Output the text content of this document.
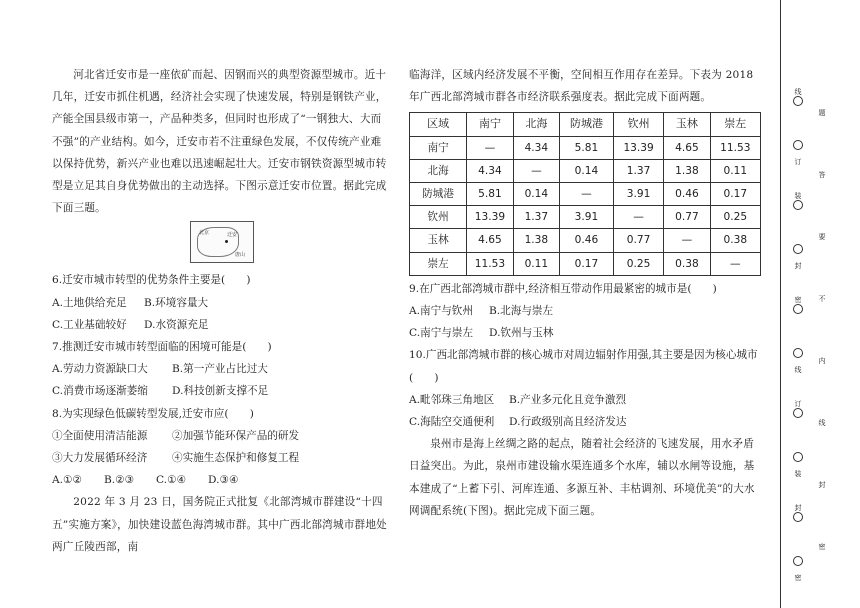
河北省迁安市是一座依矿而起、因钢而兴的典型资源型城市。近十几年，迁安市抓住机遇，经济社会实现了快速发展，特别是钢铁产业，产能全国县级市第一，产品种类多，但同时也形成了“一钢独大、大而不强”的产业结构。如今，迁安市若不注重绿色发展，不仅传统产业难以保持优势，新兴产业也难以迅速崛起壮大。迁安市钢铁资源型城市转型是立足其自身优势做出的主动选择。下图示意迁安市位置。据此完成下面三题。

北京	迁安
唐山

6.迁安市城市转型的优势条件主要是(　　)

A.土地供给充足 B.环境容量大

C.工业基础较好 D.水资源充足

7.推测迁安市城市转型面临的困境可能是(　　)

A.劳动力资源缺口大 B.第一产业占比过大

C.消费市场逐渐萎缩 D.科技创新支撑不足

8.为实现绿色低碳转型发展,迁安市应(　　)

①全面使用清洁能源 ②加强节能环保产品的研发

③大力发展循环经济 ④实施生态保护和修复工程

A.①② B.②③ C.①④ D.③④

2022 年 3 月 23 日，国务院正式批复《北部湾城市群建设“十四五”实施方案》，加快建设蓝色海湾城市群。其中广西北部湾城市群地处两广丘陵西部，南

临海洋，区域内经济发展不平衡，空间相互作用存在差异。下表为 2018 年广西北部湾城市群各市经济联系强度表。据此完成下面两题。

区域	南宁	北海	防城港	钦州	玉林	崇左
南宁	—	4.34	5.81	13.39	4.65	11.53
北海	4.34	—	0.14	1.37	1.38	0.11
防城港	5.81	0.14	—	3.91	0.46	0.17
钦州	13.39	1.37	3.91	—	0.77	0.25
玉林	4.65	1.38	0.46	0.77	—	0.38
崇左	11.53	0.11	0.17	0.25	0.38	—

9.在广西北部湾城市群中,经济相互带动作用最紧密的城市是(　　)

A.南宁与钦州 B.北海与崇左

C.南宁与崇左 D.钦州与玉林

10.广西北部湾城市群的核心城市对周边辐射作用强,其主要是因为核心城市

(　　)

A.毗邻珠三角地区 B.产业多元化且竞争激烈

C.海陆空交通便利 D.行政级别高且经济发达

泉州市是海上丝绸之路的起点，随着社会经济的飞速发展，用水矛盾日益突出。为此，泉州市建设输水渠连通多个水库，辅以水闸等设施，基本建成了“上蓄下引、河库连通、多源互补、丰枯调剂、环境优美”的大水网调配系统(下图)。据此完成下面三题。

线

订
装

封
密

线
订

装
封

密
题
答
要
不
内
线
封
密
